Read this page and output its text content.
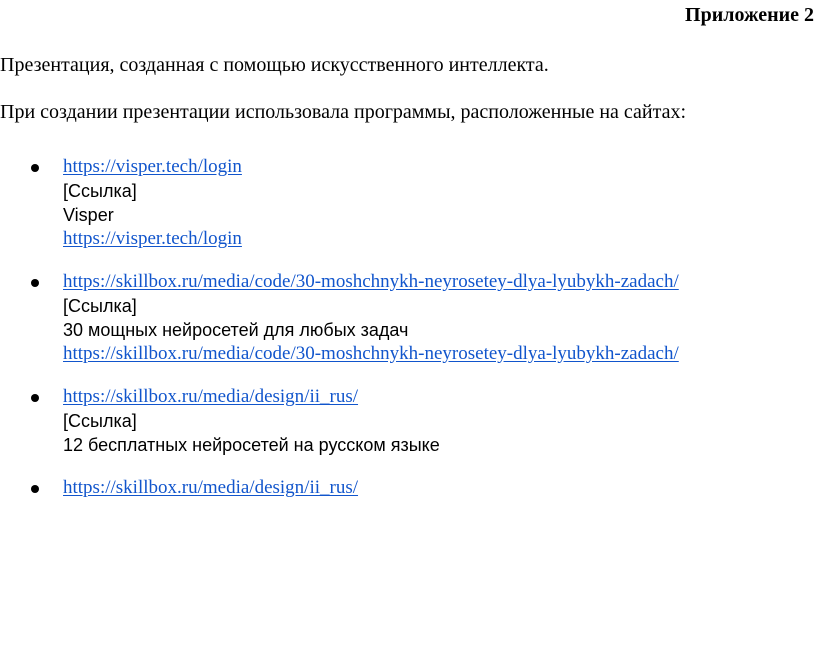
Приложение 2
Презентация, созданная с помощью искусственного интеллекта.
При создании презентации использовала программы, расположенные на сайтах:
https://visper.tech/login
[Ссылка]
Visper
https://visper.tech/login
https://skillbox.ru/media/code/30-moshchnykh-neyrosetey-dlya-lyubykh-zadach/
[Ссылка]
30 мощных нейросетей для любых задач
https://skillbox.ru/media/code/30-moshchnykh-neyrosetey-dlya-lyubykh-zadach/
https://skillbox.ru/media/design/ii_rus/
[Ссылка]
12 бесплатных нейросетей на русском языке
https://skillbox.ru/media/design/ii_rus/
